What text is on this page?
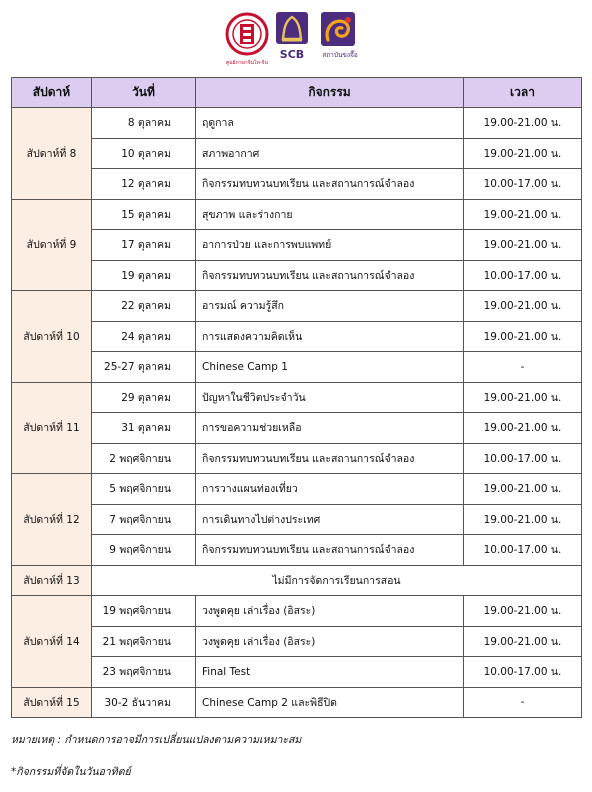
ศูนย์ภาษาจีนไท-จีน
SCB	สถาบันขงจื๊อ
สัปดาห์	วันที่	กิจกรรม	เวลา
สัปดาห์ที่ 8	8 ตุลาคม	ฤดูกาล	19.00-21.00 น.
	10 ตุลาคม	สภาพอากาศ	19.00-21.00 น.
	12 ตุลาคม	กิจกรรมทบทวนบทเรียน และสถานการณ์จำลอง	10.00-17.00 น.
สัปดาห์ที่ 9	15 ตุลาคม	สุขภาพ และร่างกาย	19.00-21.00 น.
	17 ตุลาคม	อาการป่วย และการพบแพทย์	19.00-21.00 น.
	19 ตุลาคม	กิจกรรมทบทวนบทเรียน และสถานการณ์จำลอง	10.00-17.00 น.
สัปดาห์ที่ 10	22 ตุลาคม	อารมณ์ ความรู้สึก	19.00-21.00 น.
	24 ตุลาคม	การแสดงความคิดเห็น	19.00-21.00 น.
	25-27 ตุลาคม	Chinese Camp 1	-
สัปดาห์ที่ 11	29 ตุลาคม	ปัญหาในชีวิตประจำวัน	19.00-21.00 น.
	31 ตุลาคม	การขอความช่วยเหลือ	19.00-21.00 น.
	2 พฤศจิกายน	กิจกรรมทบทวนบทเรียน และสถานการณ์จำลอง	10.00-17.00 น.
สัปดาห์ที่ 12	5 พฤศจิกายน	การวางแผนท่องเที่ยว	19.00-21.00 น.
	7 พฤศจิกายน	การเดินทางไปต่างประเทศ	19.00-21.00 น.
	9 พฤศจิกายน	กิจกรรมทบทวนบทเรียน และสถานการณ์จำลอง	10.00-17.00 น.
สัปดาห์ที่ 13	ไม่มีการจัดการเรียนการสอน		
สัปดาห์ที่ 14	19 พฤศจิกายน	วงพูดคุย เล่าเรื่อง (อิสระ)	19.00-21.00 น.
	21 พฤศจิกายน	วงพูดคุย เล่าเรื่อง (อิสระ)	19.00-21.00 น.
	23 พฤศจิกายน	Final Test	10.00-17.00 น.
สัปดาห์ที่ 15	30-2 ธันวาคม	Chinese Camp 2 และพิธีปิด	-
หมายเหตุ : กำหนดการอาจมีการเปลี่ยนแปลงตามความเหมาะสม
*กิจกรรมที่จัดในวันอาทิตย์
